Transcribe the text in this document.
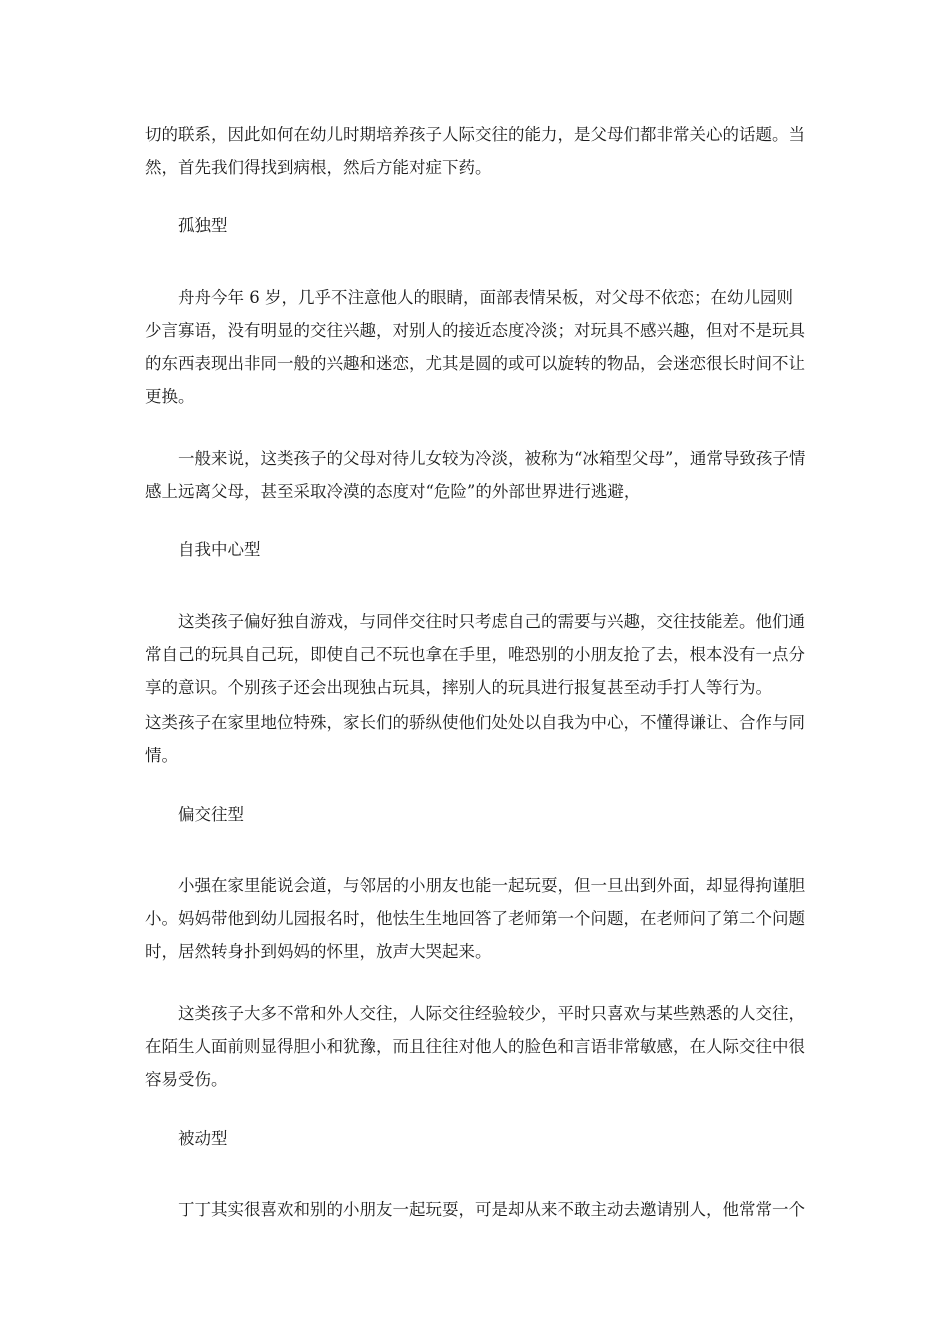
切的联系，因此如何在幼儿时期培养孩子人际交往的能力，是父母们都非常关心的话题。当
然，首先我们得找到病根，然后方能对症下药。
孤独型
舟舟今年 6 岁，几乎不注意他人的眼睛，面部表情呆板，对父母不依恋；在幼儿园则
少言寡语，没有明显的交往兴趣，对别人的接近态度冷淡；对玩具不感兴趣，但对不是玩具
的东西表现出非同一般的兴趣和迷恋，尤其是圆的或可以旋转的物品，会迷恋很长时间不让
更换。
一般来说，这类孩子的父母对待儿女较为冷淡，被称为“冰箱型父母”，通常导致孩子情
感上远离父母，甚至采取冷漠的态度对“危险”的外部世界进行逃避，
自我中心型
这类孩子偏好独自游戏，与同伴交往时只考虑自己的需要与兴趣，交往技能差。他们通
常自己的玩具自己玩，即使自己不玩也拿在手里，唯恐别的小朋友抢了去，根本没有一点分
享的意识。个别孩子还会出现独占玩具，摔别人的玩具进行报复甚至动手打人等行为。
这类孩子在家里地位特殊，家长们的骄纵使他们处处以自我为中心，不懂得谦让、合作与同
情。
偏交往型
小强在家里能说会道，与邻居的小朋友也能一起玩耍，但一旦出到外面，却显得拘谨胆
小。妈妈带他到幼儿园报名时，他怯生生地回答了老师第一个问题，在老师问了第二个问题
时，居然转身扑到妈妈的怀里，放声大哭起来。
这类孩子大多不常和外人交往，人际交往经验较少，平时只喜欢与某些熟悉的人交往，
在陌生人面前则显得胆小和犹豫，而且往往对他人的脸色和言语非常敏感，在人际交往中很
容易受伤。
被动型
丁丁其实很喜欢和别的小朋友一起玩耍，可是却从来不敢主动去邀请别人，他常常一个
